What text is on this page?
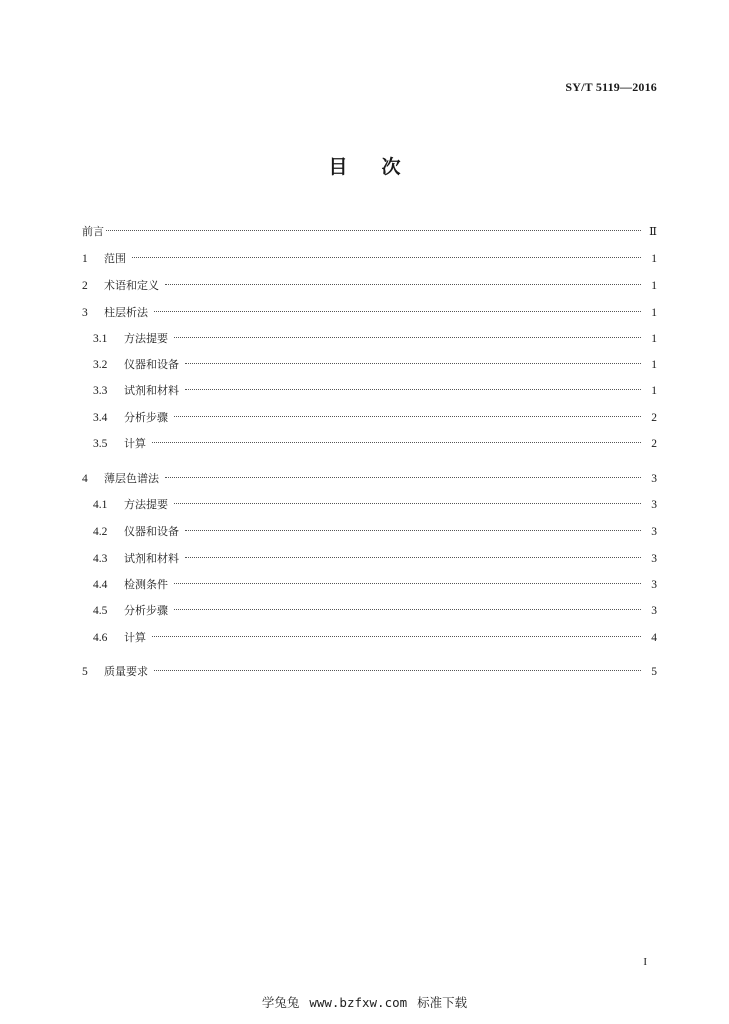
SY/T 5119—2016
目次
前言	Ⅱ
1	范围	1
2	术语和定义	1
3	柱层析法	1
3.1	方法提要	1
3.2	仪器和设备	1
3.3	试剂和材料	1
3.4	分析步骤	2
3.5	计算	2
4	薄层色谱法	3
4.1	方法提要	3
4.2	仪器和设备	3
4.3	试剂和材料	3
4.4	检测条件	3
4.5	分析步骤	3
4.6	计算	4
5	质量要求	5
I
学兔兔 www.bzfxw.com 标准下载
